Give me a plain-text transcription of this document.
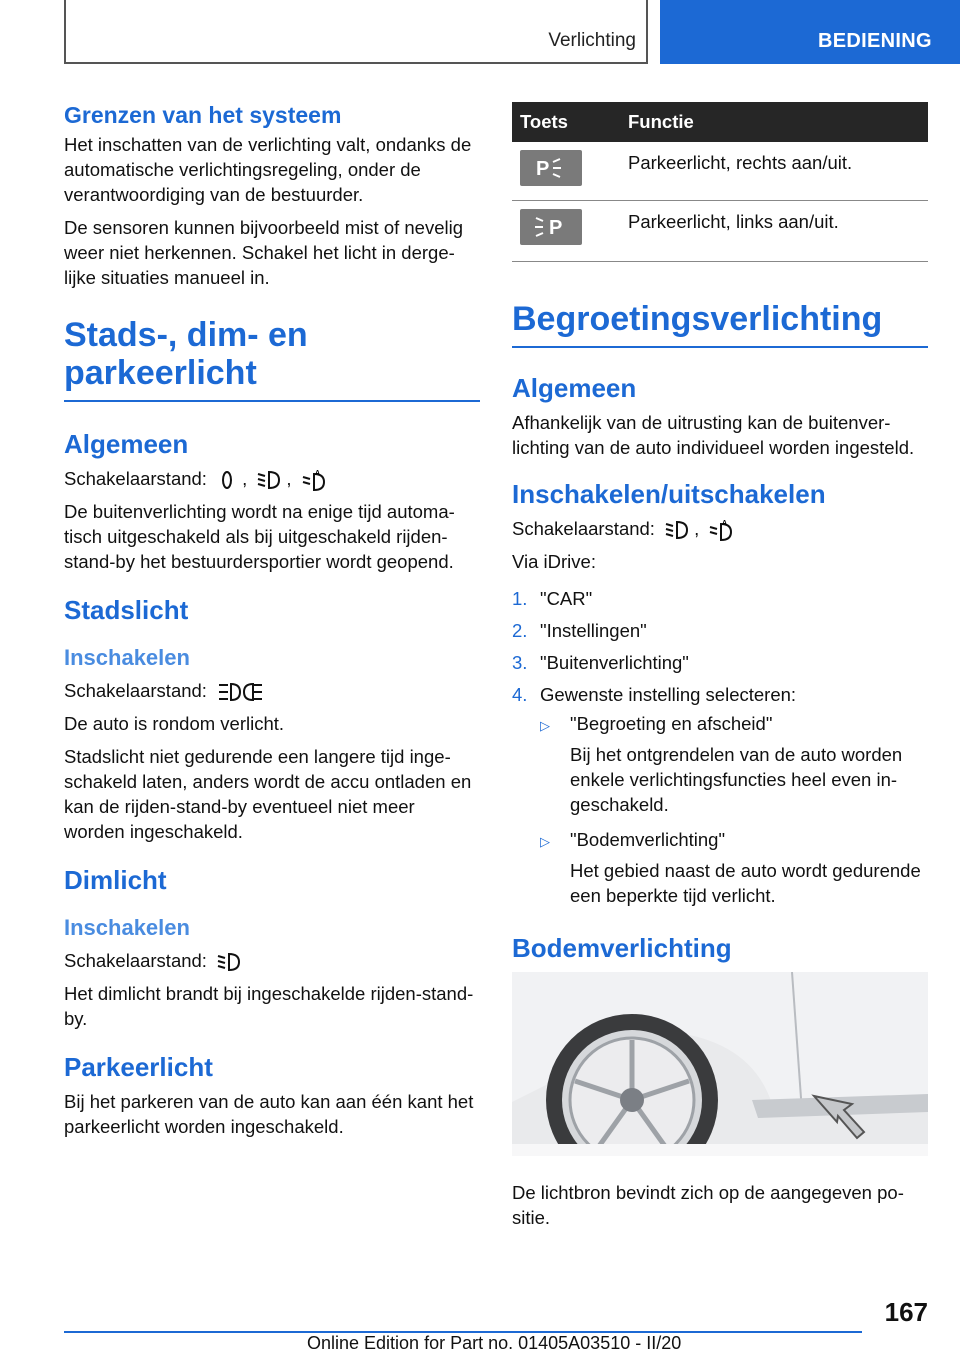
Verlichting	BEDIENING
Grenzen van het systeem

Het inschatten van de verlichting valt, ondanks de automatische verlichtingsregeling, onder de verantwoordiging van de bestuurder.

De sensoren kunnen bijvoorbeeld mist of nevelig weer niet herkennen. Schakel het licht in dergelijke situaties manueel in.

Stads-, dim- en parkeerlicht
Algemeen

Schakelaarstand: , ,	A

De buitenverlichting wordt na enige tijd automatisch uitgeschakeld als bij uitgeschakeld rijden-stand-by het bestuurdersportier wordt geopend.

Stadslicht
Inschakelen

Schakelaarstand:

De auto is rondom verlicht.

Stadslicht niet gedurende een langere tijd ingeschakeld laten, anders wordt de accu ontladen en kan de rijden-stand-by eventueel niet meer worden ingeschakeld.

Dimlicht
Inschakelen

Schakelaarstand:

Het dimlicht brandt bij ingeschakelde rijden-stand-by.

Parkeerlicht

Bij het parkeren van de auto kan aan één kant het parkeerlicht worden ingeschakeld.

Toets	Functie

P	Parkeerlicht, rechts aan/uit.

P	Parkeerlicht, links aan/uit.
Begroetingsverlichting
Algemeen

Afhankelijk van de uitrusting kan de buitenverlichting van de auto individueel worden ingesteld.

Inschakelen/uitschakelen

Schakelaarstand: ,	A

Via iDrive:

1. "CAR"
2. "Instellingen"
3. "Buitenverlichting"
4. Gewenste instelling selecteren:
▷ "Begroeting en afscheid"
Bij het ontgrendelen van de auto worden enkele verlichtingsfuncties heel even ingeschakeld.
▷ "Bodemverlichting"
Het gebied naast de auto wordt gedurende een beperkte tijd verlicht.
Bodemverlichting

De lichtbron bevindt zich op de aangegeven positie.

167
Online Edition for Part no. 01405A03510 - II/20
